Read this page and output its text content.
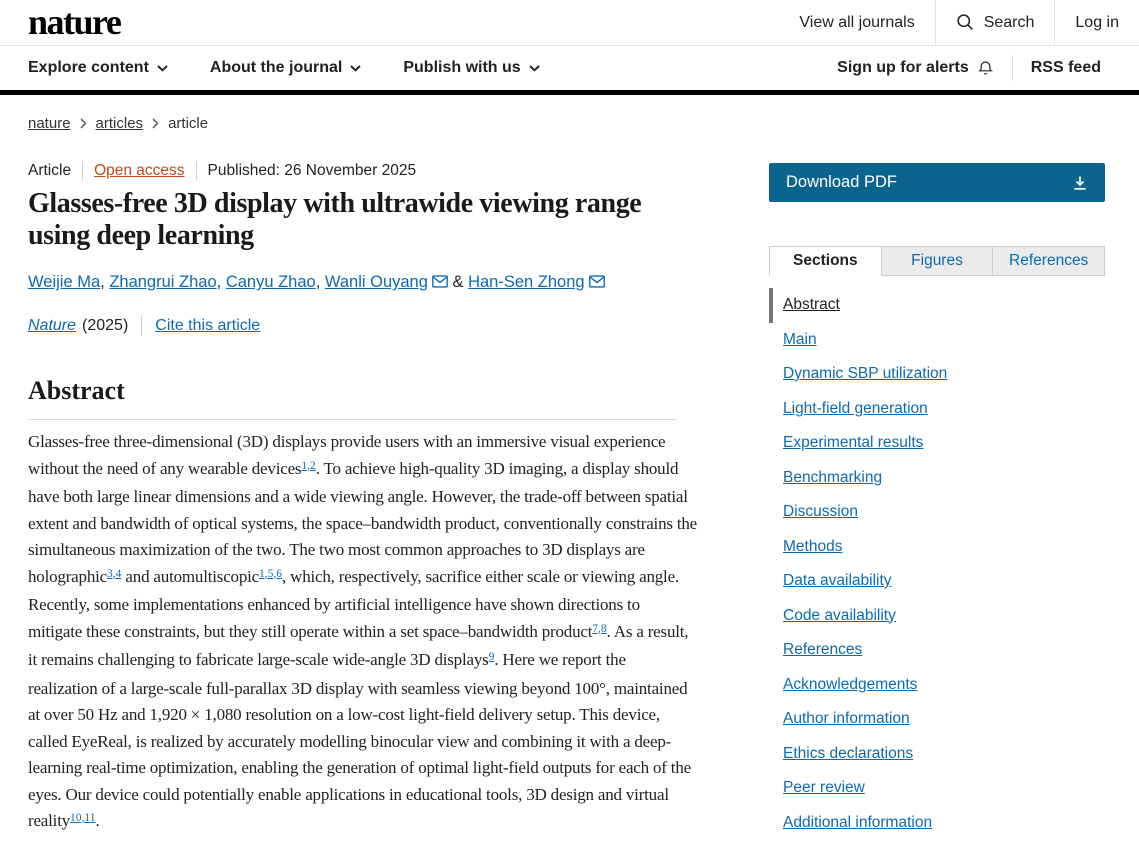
nature	View all journals	Search	Log in
Explore content	About the journal	Publish with us	Sign up for alerts	RSS feed
nature articles article
Article Open access Published: 26 November 2025
Glasses-free 3D display with ultrawide viewing range using deep learning
Weijie Ma, Zhangrui Zhao, Canyu Zhao, Wanli Ouyang & Han-Sen Zhong
Nature (2025) Cite this article
Abstract

Glasses-free three-dimensional (3D) displays provide users with an immersive visual experience without the need of any wearable devices$^{1,2}$. To achieve high-quality 3D imaging, a display should have both large linear dimensions and a wide viewing angle. However, the trade-off between spatial extent and bandwidth of optical systems, the space–bandwidth product, conventionally constrains the simultaneous maximization of the two. The two most common approaches to 3D displays are holographic$^{3,4}$ and automultiscopic$^{1,5,6}$, which, respectively, sacrifice either scale or viewing angle. Recently, some implementations enhanced by artificial intelligence have shown directions to mitigate these constraints, but they still operate within a set space–bandwidth product$^{7,8}$. As a result, it remains challenging to fabricate large-scale wide-angle 3D displays$^9$. Here we report the realization of a large-scale full-parallax 3D display with seamless viewing beyond 100°, maintained at over 50 Hz and 1,920 × 1,080 resolution on a low-cost light-field delivery setup. This device, called EyeReal, is realized by accurately modelling binocular view and combining it with a deep-learning real-time optimization, enabling the generation of optimal light-field outputs for each of the eyes. Our device could potentially enable applications in educational tools, 3D design and virtual reality$^{10,11}$.

Download PDF
Sections	Figures	References
Abstract
Main
Dynamic SBP utilization
Light-field generation
Experimental results
Benchmarking
Discussion
Methods
Data availability
Code availability
References
Acknowledgements
Author information
Ethics declarations
Peer review
Additional information
